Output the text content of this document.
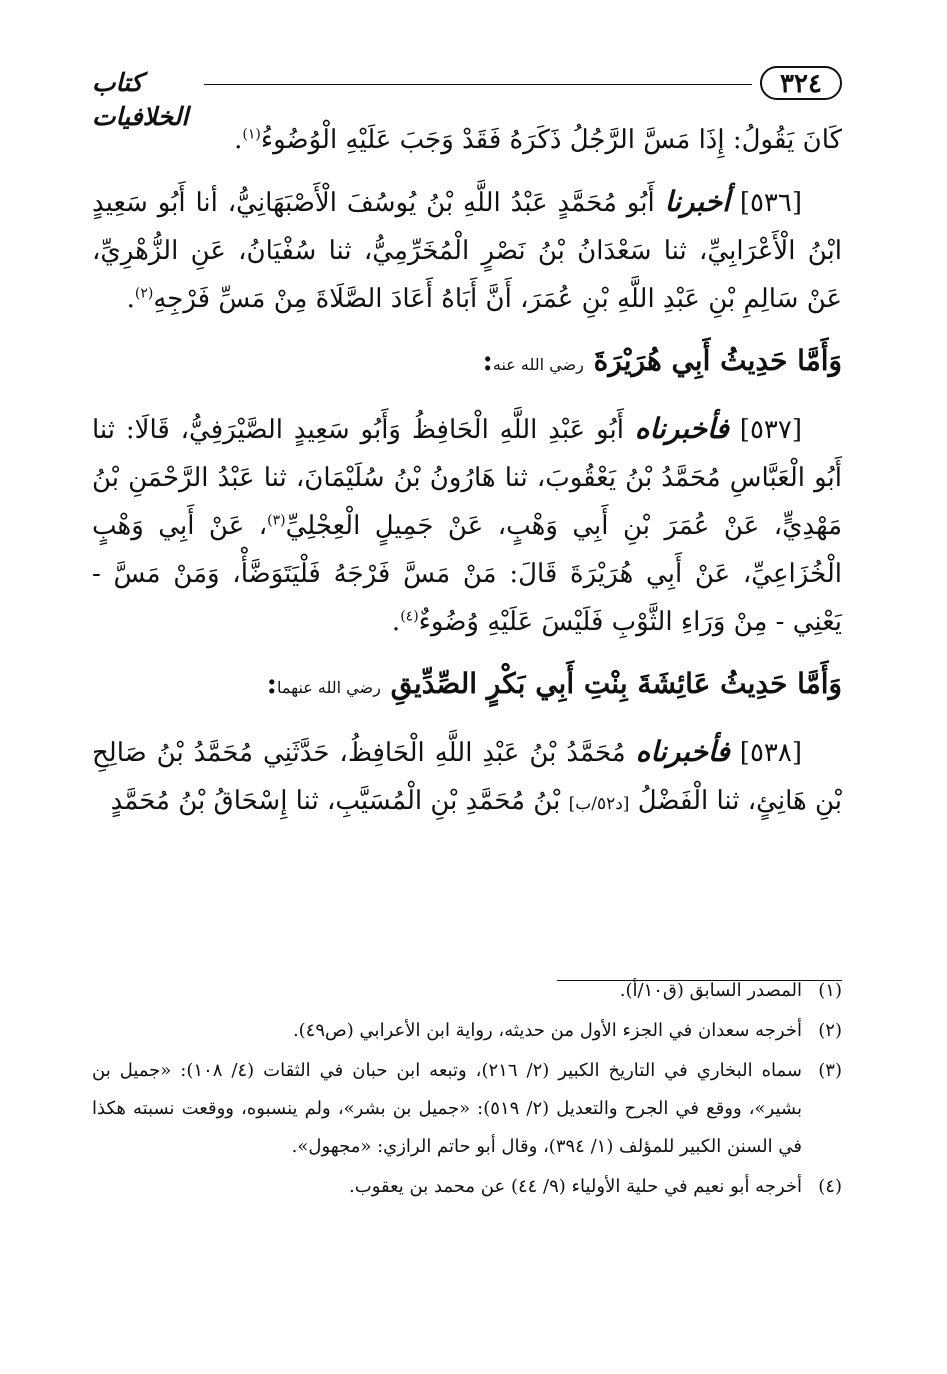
٣٢٤
كتاب الخلافيات

كَانَ يَقُولُ: إِذَا مَسَّ الرَّجُلُ ذَكَرَهُ فَقَدْ وَجَبَ عَلَيْهِ الْوُضُوءُ$^{(١)}$.

[٥٣٦] أخبرنا أَبُو مُحَمَّدٍ عَبْدُ اللَّهِ بْنُ يُوسُفَ الْأَصْبَهَانِيُّ، أنا أَبُو سَعِيدٍ ابْنُ الْأَعْرَابِيِّ، ثنا سَعْدَانُ بْنُ نَصْرٍ الْمُخَرِّمِيُّ، ثنا سُفْيَانُ، عَنِ الزُّهْرِيِّ، عَنْ سَالِمِ بْنِ عَبْدِ اللَّهِ بْنِ عُمَرَ، أَنَّ أَبَاهُ أَعَادَ الصَّلَاةَ مِنْ مَسِّ فَرْجِهِ$^{(٢)}$.

وَأَمَّا حَدِيثُ أَبِي هُرَيْرَةَ رضي الله عنه:

[٥٣٧] فأخبرناه أَبُو عَبْدِ اللَّهِ الْحَافِظُ وَأَبُو سَعِيدٍ الصَّيْرَفِيُّ، قَالَا: ثنا أَبُو الْعَبَّاسِ مُحَمَّدُ بْنُ يَعْقُوبَ، ثنا هَارُونُ بْنُ سُلَيْمَانَ، ثنا عَبْدُ الرَّحْمَنِ بْنُ مَهْدِيٍّ، عَنْ عُمَرَ بْنِ أَبِي وَهْبٍ، عَنْ جَمِيلٍ الْعِجْلِيِّ$^{(٣)}$، عَنْ أَبِي وَهْبٍ الْخُزَاعِيِّ، عَنْ أَبِي هُرَيْرَةَ قَالَ: مَنْ مَسَّ فَرْجَهُ فَلْيَتَوَضَّأْ، وَمَنْ مَسَّ - يَعْنِي - مِنْ وَرَاءِ الثَّوْبِ فَلَيْسَ عَلَيْهِ وُضُوءٌ$^{(٤)}$.

وَأَمَّا حَدِيثُ عَائِشَةَ بِنْتِ أَبِي بَكْرٍ الصِّدِّيقِ رضي الله عنهما:

[٥٣٨] فأخبرناه مُحَمَّدُ بْنُ عَبْدِ اللَّهِ الْحَافِظُ، حَدَّثَنِي مُحَمَّدُ بْنُ صَالِحِ بْنِ هَانِئٍ، ثنا الْفَضْلُ [د٥٢/ب] بْنُ مُحَمَّدِ بْنِ الْمُسَيَّبِ، ثنا إِسْحَاقُ بْنُ مُحَمَّدٍ

(١)
المصدر السابق (ق١٠/أ).
(٢)
أخرجه سعدان في الجزء الأول من حديثه، رواية ابن الأعرابي (ص٤٩).
(٣)
سماه البخاري في التاريخ الكبير (٢/ ٢١٦)، وتبعه ابن حبان في الثقات (٤/ ١٠٨): «جميل بن بشير»، ووقع في الجرح والتعديل (٢/ ٥١٩): «جميل بن بشر»، ولم ينسبوه، ووقعت نسبته هكذا في السنن الكبير للمؤلف (١/ ٣٩٤)، وقال أبو حاتم الرازي: «مجهول».
(٤)
أخرجه أبو نعيم في حلية الأولياء (٩/ ٤٤) عن محمد بن يعقوب.
